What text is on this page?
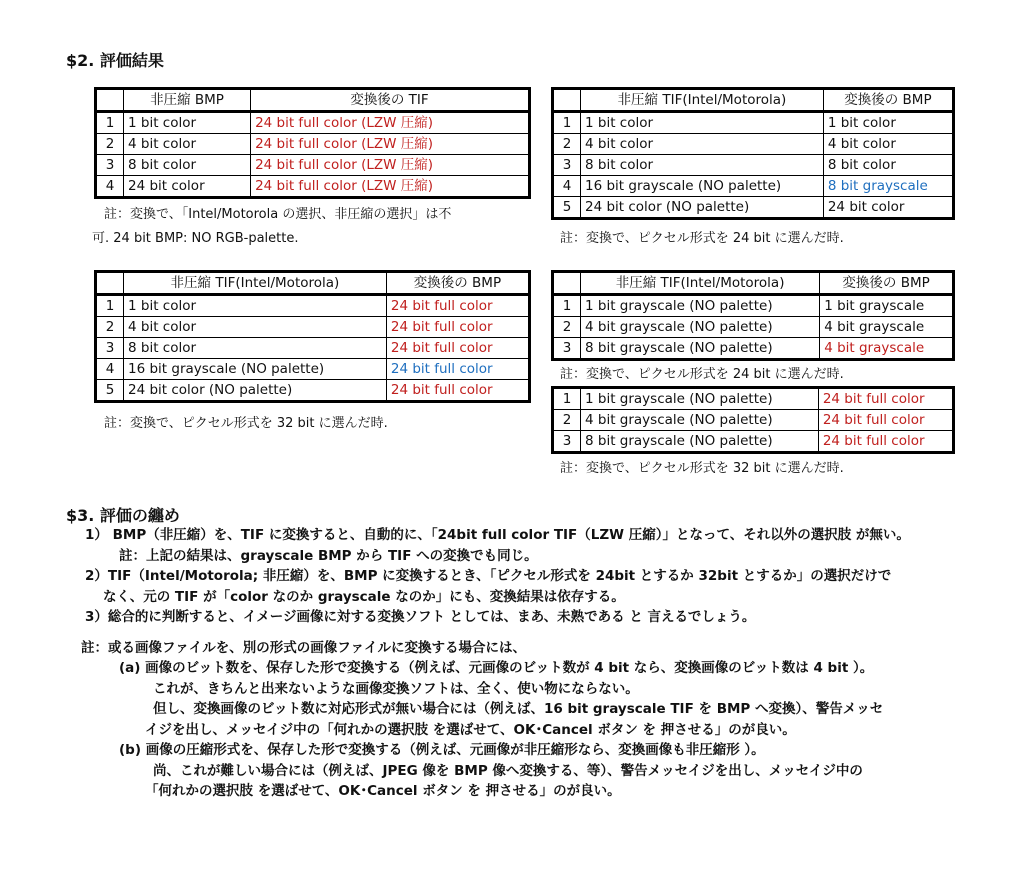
$2. 評価結果
	非圧縮 BMP	変換後の TIF
1	1 bit color	24 bit full color (LZW 圧縮)
2	4 bit color	24 bit full color (LZW 圧縮)
3	8 bit color	24 bit full color (LZW 圧縮)
4	24 bit color	24 bit full color (LZW 圧縮)

註：変換で、「Intel/Motorola の選択、非圧縮の選択」は不

可. 24 bit BMP: NO RGB-palette.

	非圧縮 TIF(Intel/Motorola)	変換後の BMP
1	1 bit color	1 bit color
2	4 bit color	4 bit color
3	8 bit color	8 bit color
4	16 bit grayscale (NO palette)	8 bit grayscale
5	24 bit color (NO palette)	24 bit color

註：変換で、ピクセル形式を 24 bit に選んだ時.

	非圧縮 TIF(Intel/Motorola)	変換後の BMP
1	1 bit color	24 bit full color
2	4 bit color	24 bit full color
3	8 bit color	24 bit full color
4	16 bit grayscale (NO palette)	24 bit full color
5	24 bit color (NO palette)	24 bit full color

註：変換で、ピクセル形式を 32 bit に選んだ時.

	非圧縮 TIF(Intel/Motorola)	変換後の BMP
1	1 bit grayscale (NO palette)	1 bit grayscale
2	4 bit grayscale (NO palette)	4 bit grayscale
3	8 bit grayscale (NO palette)	4 bit grayscale

註：変換で、ピクセル形式を 24 bit に選んだ時.

1	1 bit grayscale (NO palette)	24 bit full color
2	4 bit grayscale (NO palette)	24 bit full color
3	8 bit grayscale (NO palette)	24 bit full color

註：変換で、ピクセル形式を 32 bit に選んだ時.

$3. 評価の纏め

1） BMP（非圧縮）を、TIF に変換すると、自動的に、「24bit full color TIF（LZW 圧縮）」となって、それ以外の選択肢 が無い。

註：上記の結果は、grayscale BMP から TIF への変換でも同じ。

2）TIF（Intel/Motorola; 非圧縮）を、BMP に変換するとき、「ピクセル形式を 24bit とするか 32bit とするか」の選択だけで

なく、元の TIF が「color なのか grayscale なのか」にも、変換結果は依存する。

3）総合的に判断すると、イメージ画像に対する変換ソフト としては、まあ、未熟である と 言えるでしょう。

註：或る画像ファイルを、別の形式の画像ファイルに変換する場合には、

(a) 画像のビット数を、保存した形で変換する（例えば、元画像のビット数が 4 bit なら、変換画像のビット数は 4 bit ）。

これが、きちんと出来ないような画像変換ソフトは、全く、使い物にならない。

但し、変換画像のビット数に対応形式が無い場合には（例えば、16 bit grayscale TIF を BMP へ変換）、警告メッセ

イジを出し、メッセイジ中の「何れかの選択肢 を選ばせて、OK･Cancel ボタン を 押させる」のが良い。

(b) 画像の圧縮形式を、保存した形で変換する（例えば、元画像が非圧縮形なら、変換画像も非圧縮形 ）。

尚、これが難しい場合には（例えば、JPEG 像を BMP 像へ変換する、等）、警告メッセイジを出し、メッセイジ中の

「何れかの選択肢 を選ばせて、OK･Cancel ボタン を 押させる」のが良い。
